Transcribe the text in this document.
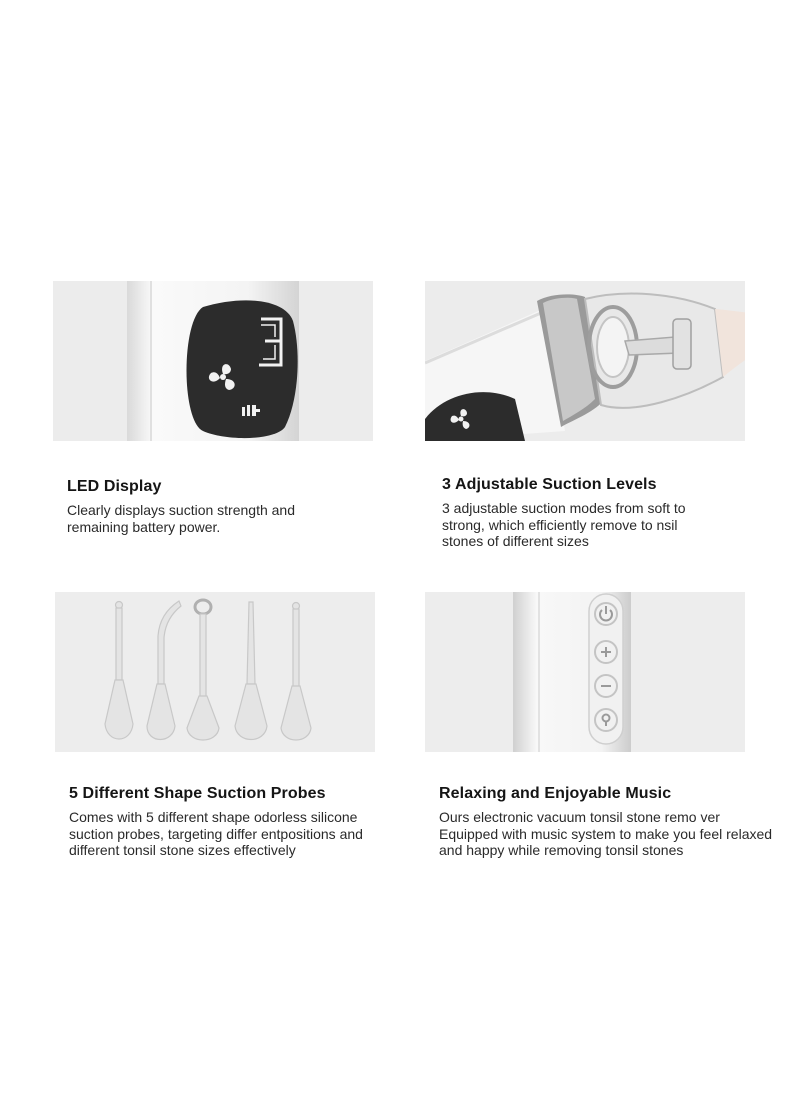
LED Display

Clearly displays suction strength and remaining battery power.

3 Adjustable Suction Levels

3 adjustable suction modes from soft to strong, which efficiently remove to nsil stones of different sizes

5 Different Shape Suction Probes

Comes with 5 different shape odorless silicone suction probes, targeting differ entpositions and different tonsil stone sizes effectively

Relaxing and Enjoyable Music

Ours electronic vacuum tonsil stone remo ver Equipped with music system to make you feel relaxed and happy while removing tonsil stones
